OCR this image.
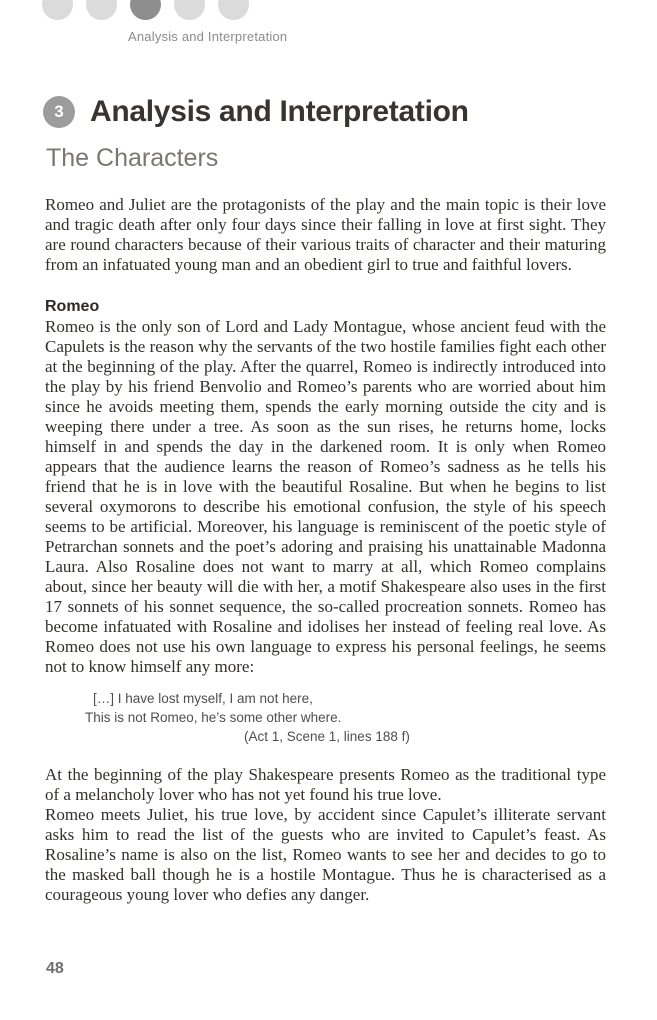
Analysis and Interpretation
3 Analysis and Interpretation
The Characters

Romeo and Juliet are the protagonists of the play and the main topic is their love and tragic death after only four days since their falling in love at first sight. They are round characters because of their various traits of character and their maturing from an infatuated young man and an obedient girl to true and faithful lovers.

Romeo

Romeo is the only son of Lord and Lady Montague, whose ancient feud with the Capulets is the reason why the servants of the two hostile families fight each other at the beginning of the play. After the quarrel, Romeo is indirectly introduced into the play by his friend Benvolio and Romeo’s parents who are worried about him since he avoids meeting them, spends the early morning outside the city and is weeping there under a tree. As soon as the sun rises, he returns home, locks himself in and spends the day in the darkened room. It is only when Romeo appears that the audience learns the reason of Romeo’s sadness as he tells his friend that he is in love with the beautiful Rosaline. But when he begins to list several oxymorons to describe his emotional confusion, the style of his speech seems to be artificial. Moreover, his language is reminiscent of the poetic style of Petrarchan sonnets and the poet’s adoring and praising his unattainable Madonna Laura. Also Rosaline does not want to marry at all, which Romeo complains about, since her beauty will die with her, a motif Shakespeare also uses in the first 17 sonnets of his sonnet sequence, the so-called procreation sonnets. Romeo has become infatuated with Rosaline and idolises her instead of feeling real love. As Romeo does not use his own language to express his personal feelings, he seems not to know himself any more:

[…] I have lost myself, I am not here,
This is not Romeo, he’s some other where.
(Act 1, Scene 1, lines 188 f)

At the beginning of the play Shakespeare presents Romeo as the traditional type of a melancholy lover who has not yet found his true love.

Romeo meets Juliet, his true love, by accident since Capulet’s illiterate servant asks him to read the list of the guests who are invited to Capulet’s feast. As Rosaline’s name is also on the list, Romeo wants to see her and decides to go to the masked ball though he is a hostile Montague. Thus he is characterised as a courageous young lover who defies any danger.

48
